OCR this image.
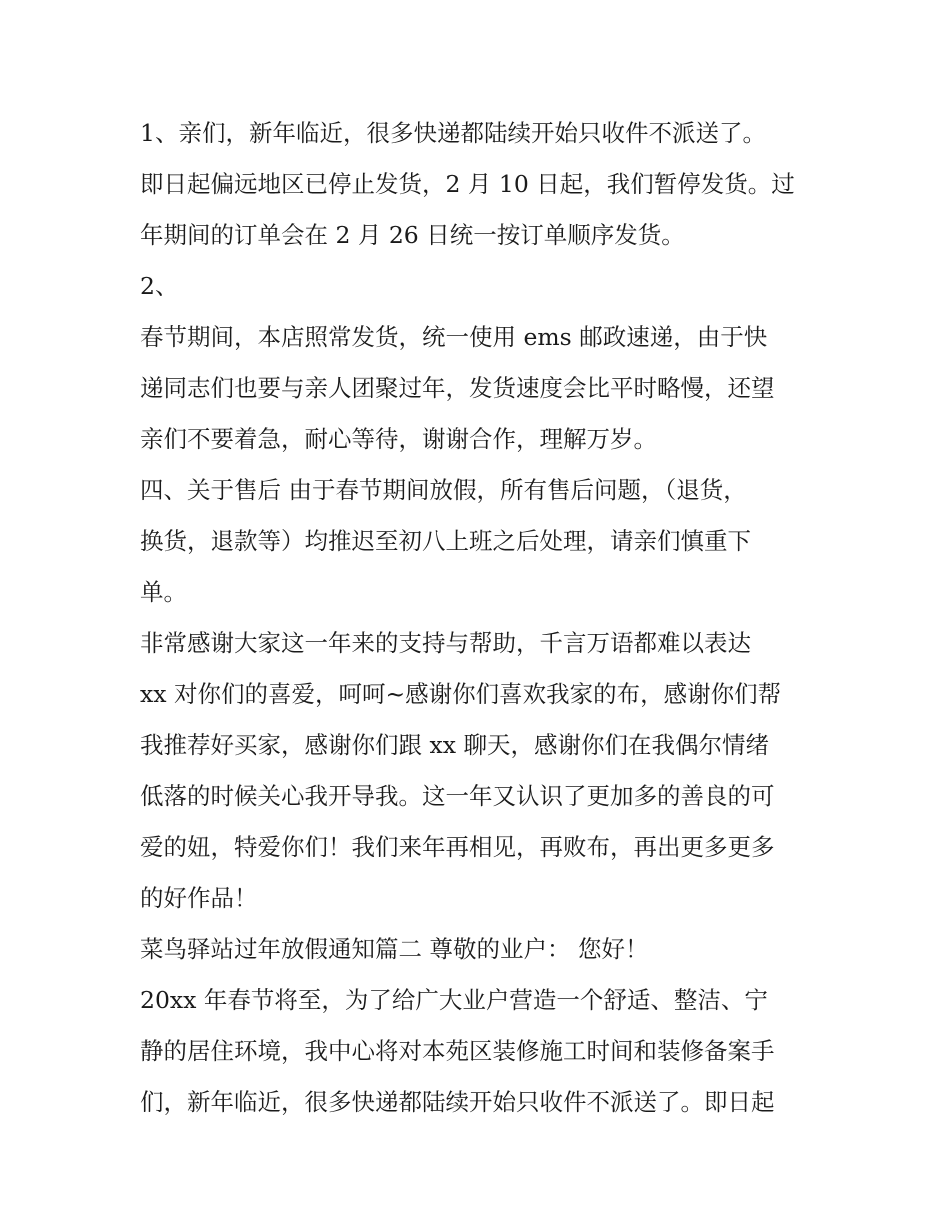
1、亲们，新年临近，很多快递都陆续开始只收件不派送了。
即日起偏远地区已停止发货，2 月 10 日起，我们暂停发货。过
年期间的订单会在 2 月 26 日统一按订单顺序发货。
2、
春节期间，本店照常发货，统一使用 ems 邮政速递，由于快
递同志们也要与亲人团聚过年，发货速度会比平时略慢，还望
亲们不要着急，耐心等待，谢谢合作，理解万岁。
四、关于售后 由于春节期间放假，所有售后问题，（退货，
换货，退款等）均推迟至初八上班之后处理，请亲们慎重下
单。
非常感谢大家这一年来的支持与帮助，千言万语都难以表达
xx 对你们的喜爱，呵呵~感谢你们喜欢我家的布，感谢你们帮
我推荐好买家，感谢你们跟 xx 聊天，感谢你们在我偶尔情绪
低落的时候关心我开导我。这一年又认识了更加多的善良的可
爱的妞，特爱你们！我们来年再相见，再败布，再出更多更多
的好作品！
菜鸟驿站过年放假通知篇二 尊敬的业户： 您好！
20xx 年春节将至，为了给广大业户营造一个舒适、整洁、宁
静的居住环境，我中心将对本苑区装修施工时间和装修备案手
们，新年临近，很多快递都陆续开始只收件不派送了。即日起
